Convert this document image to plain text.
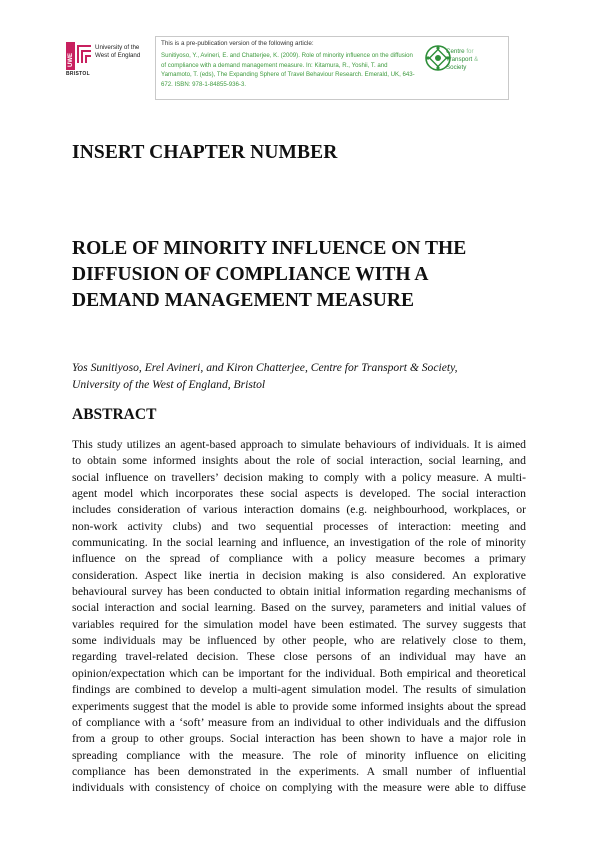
UWE
University of the
West of England
BRISTOL
This is a pre-publication version of the following article:
Sunitiyoso, Y., Avineri, E. and Chatterjee, K. (2009). Role of minority influence on the diffusion of compliance with a demand management measure. In: Kitamura, R., Yoshii, T. and Yamamoto, T. (eds), The Expanding Sphere of Travel Behaviour Research. Emerald, UK, 643-672. ISBN: 978-1-84855-936-3.
Centre for
Transport &
Society
INSERT CHAPTER NUMBER
ROLE OF MINORITY INFLUENCE ON THE
DIFFUSION OF COMPLIANCE WITH A
DEMAND MANAGEMENT MEASURE
Yos Sunitiyoso, Erel Avineri, and Kiron Chatterjee, Centre for Transport & Society,
University of the West of England, Bristol
ABSTRACT
This study utilizes an agent-based approach to simulate behaviours of individuals. It is aimed
to obtain some informed insights about the role of social interaction, social learning, and
social influence on travellers’ decision making to comply with a policy measure. A multi-
agent model which incorporates these social aspects is developed. The social interaction
includes consideration of various interaction domains (e.g. neighbourhood, workplaces, or
non-work activity clubs) and two sequential processes of interaction: meeting and
communicating. In the social learning and influence, an investigation of the role of minority
influence on the spread of compliance with a policy measure becomes a primary
consideration. Aspect like inertia in decision making is also considered. An explorative
behavioural survey has been conducted to obtain initial information regarding mechanisms of
social interaction and social learning. Based on the survey, parameters and initial values of
variables required for the simulation model have been estimated. The survey suggests that
some individuals may be influenced by other people, who are relatively close to them,
regarding travel-related decision. These close persons of an individual may have an
opinion/expectation which can be important for the individual. Both empirical and theoretical
findings are combined to develop a multi-agent simulation model. The results of simulation
experiments suggest that the model is able to provide some informed insights about the spread
of compliance with a ‘soft’ measure from an individual to other individuals and the diffusion
from a group to other groups. Social interaction has been shown to have a major role in
spreading compliance with the measure. The role of minority influence on eliciting
compliance has been demonstrated in the experiments. A small number of influential
individuals with consistency of choice on complying with the measure were able to diffuse
